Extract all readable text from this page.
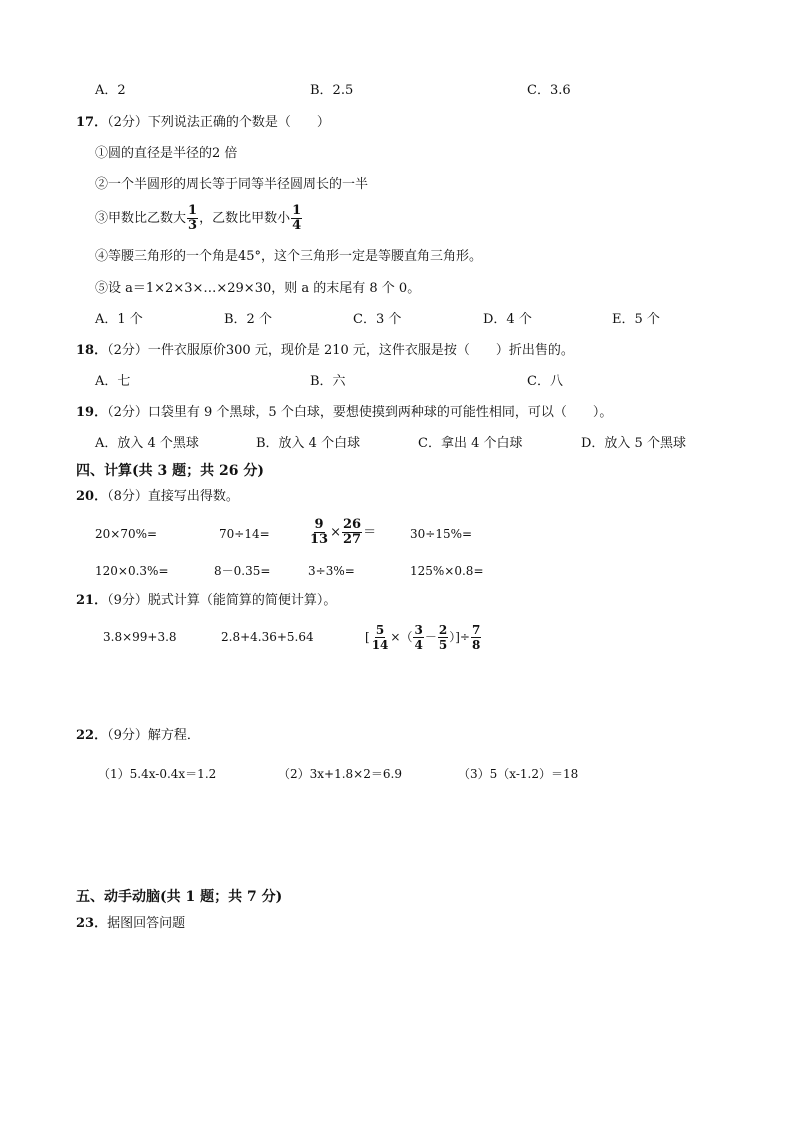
A．2	B．2.5	C．3.6
17．（2分）下列说法正确的个数是（　　）
①圆的直径是半径的2 倍
②一个半圆形的周长等于同等半径圆周长的一半
③甲数比乙数大 $\frac{1}{3}$ ，乙数比甲数小 $\frac{1}{4}$
④等腰三角形的一个角是45°，这个三角形一定是等腰直角三角形。
⑤设 a＝1×2×3×…×29×30，则 a 的末尾有 8 个 0。
A．1 个	B．2 个	C．3 个	D．4 个	E．5 个
18．（2分）一件衣服原价300 元，现价是 210 元，这件衣服是按（　　）折出售的。
A．七	B．六	C．八
19．（2分）口袋里有 9 个黑球，5 个白球，要想使摸到两种球的可能性相同，可以（　　）。
A．放入 4 个黑球	B．放入 4 个白球	C．拿出 4 个白球	D．放入 5 个黑球
四、计算(共 3 题；共 26 分)
20．（8分）直接写出得数。
20×70%=	70÷14=	$\frac{9}{13} \times \frac{26}{27}$ ＝	30÷15%=
120×0.3%=	8－0.35=	3÷3%=	125%×0.8=
21．（9分）脱式计算（能简算的简便计算）。
3.8×99+3.8	2.8+4.36+5.64	[ $\frac{5}{14}$ ×（ $\frac{3}{4} - \frac{2}{5}$ ）]÷ $\frac{7}{8}$
22．（9分）解方程．
（1）5.4x-0.4x＝1.2	（2）3x+1.8×2＝6.9	（3）5（x-1.2）＝18
五、动手动脑(共 1 题；共 7 分)
23．据图回答问题
